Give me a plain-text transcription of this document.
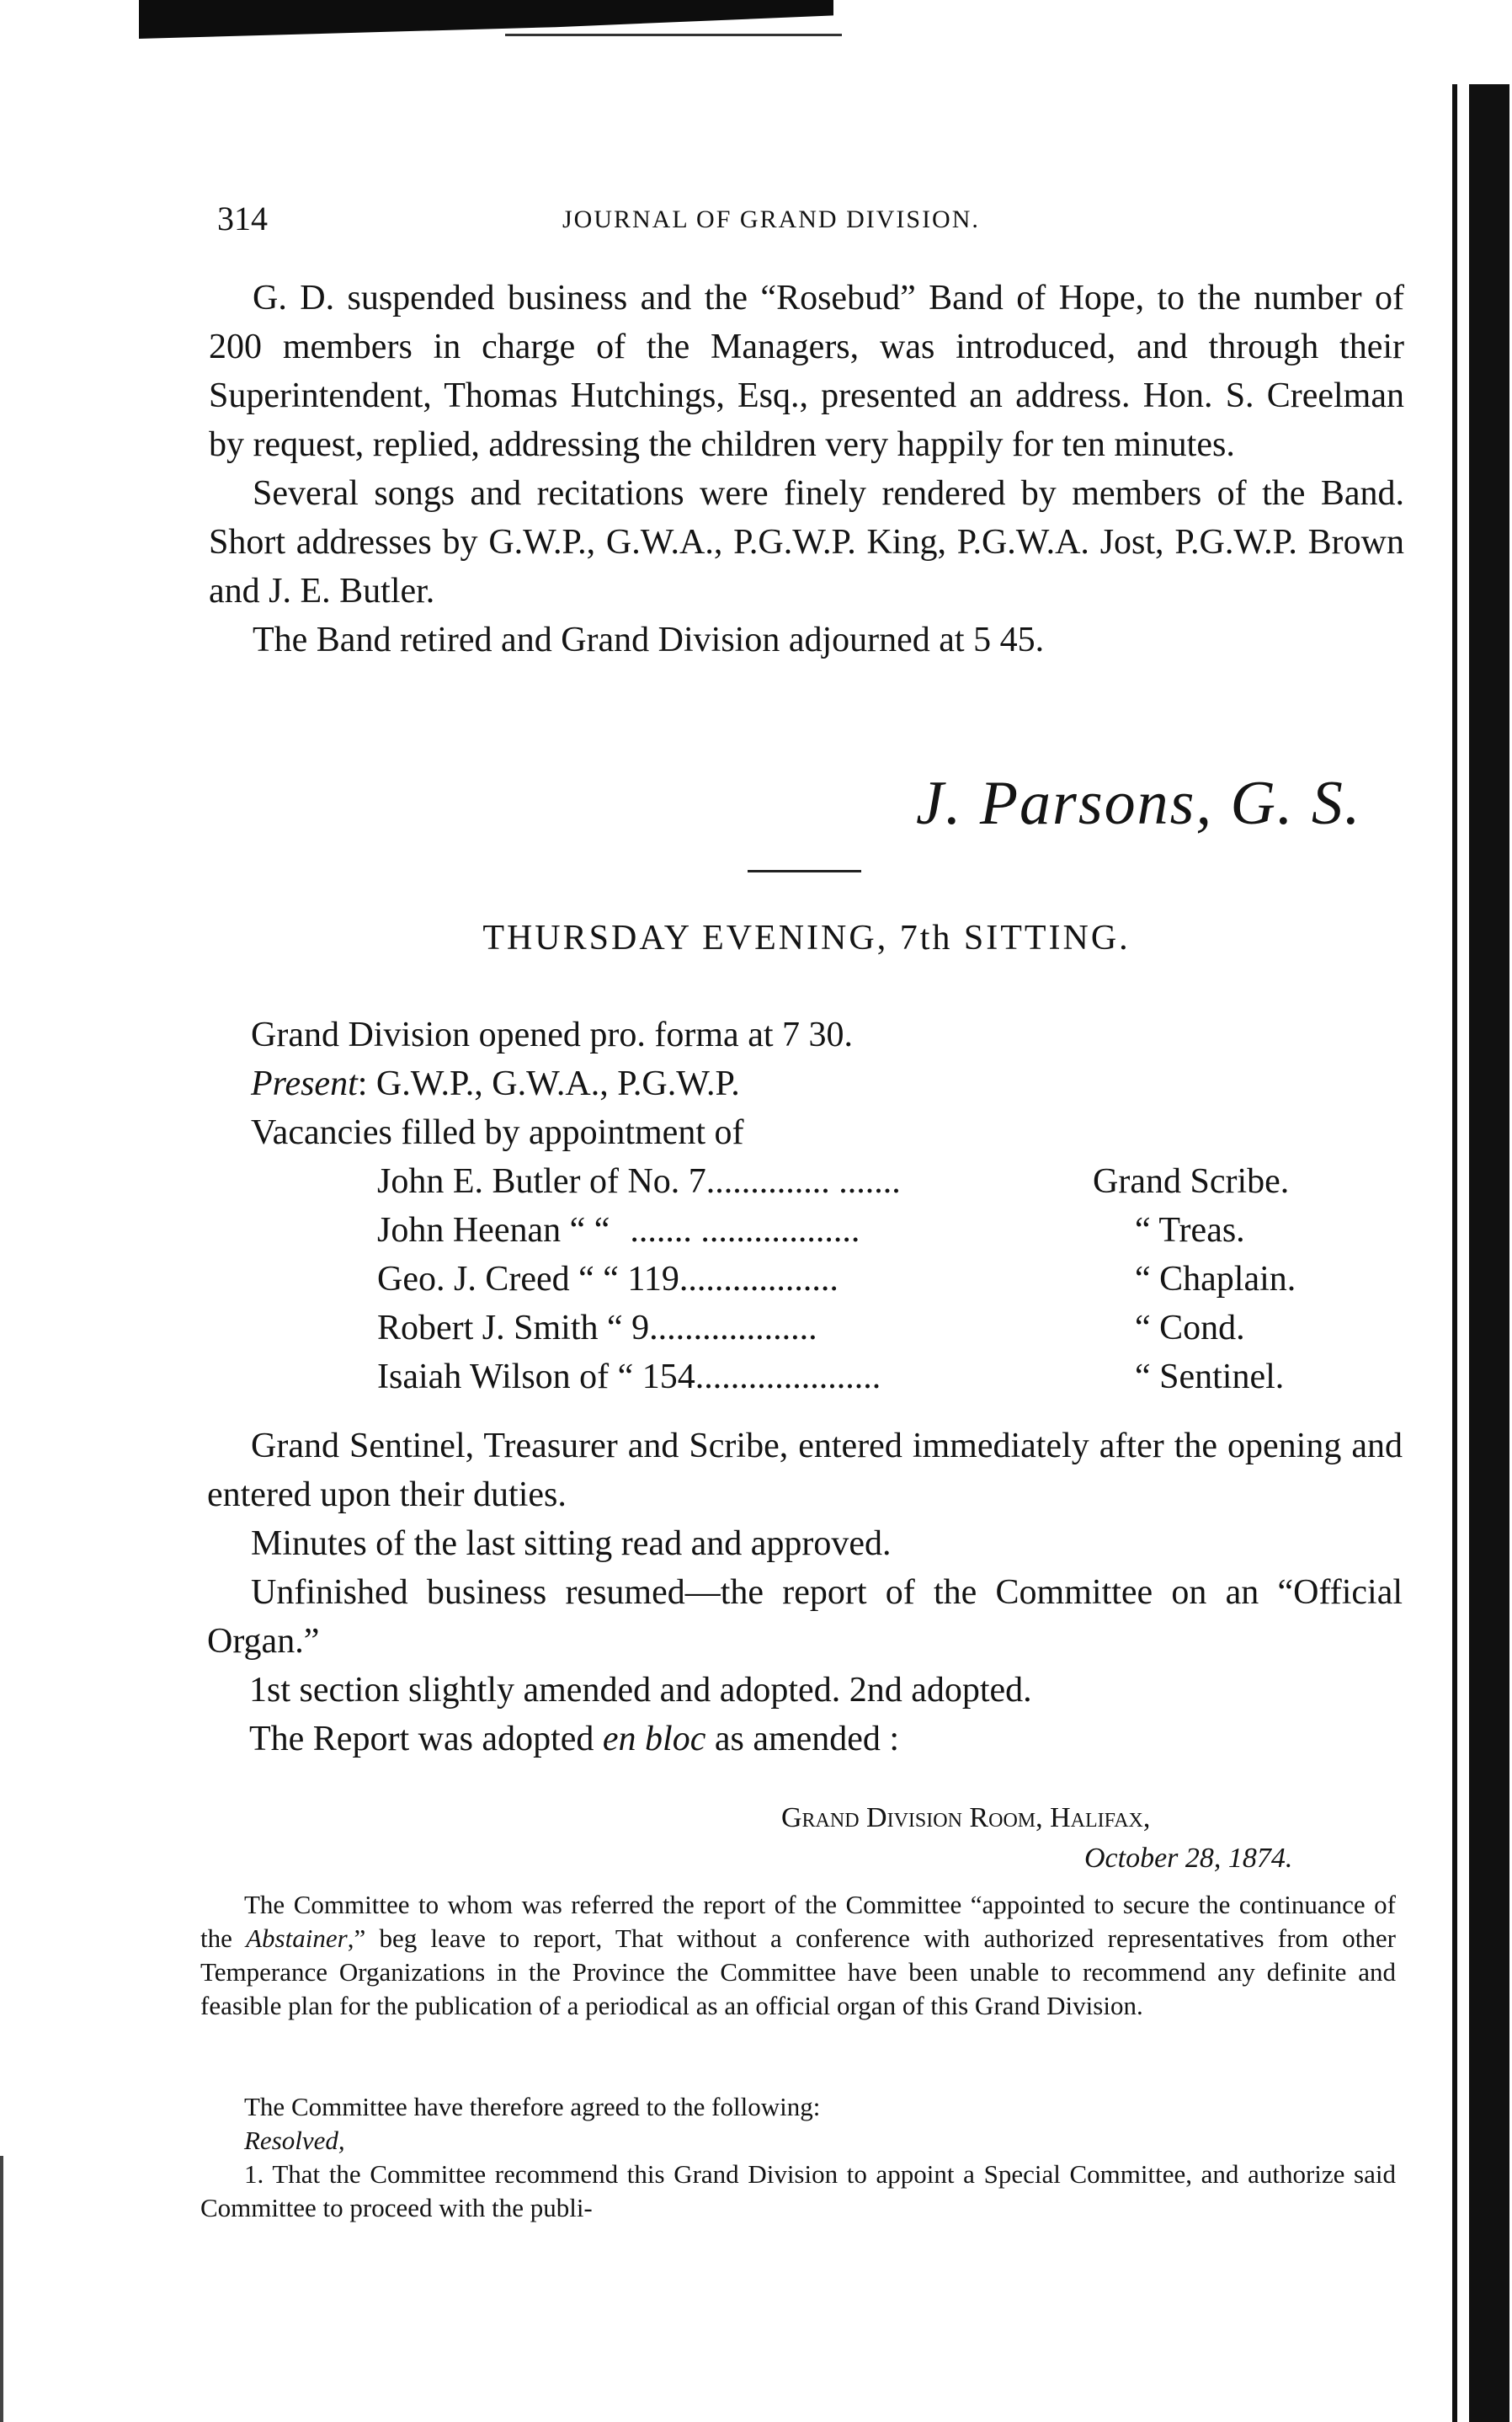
314	JOURNAL OF GRAND DIVISION.
G. D. suspended business and the “Rosebud” Band of Hope, to the number of 200 members in charge of the Managers, was introduced, and through their Superintendent, Thomas Hutchings, Esq., presented an address. Hon. S. Creelman by request, replied, addressing the children very happily for ten minutes.
Several songs and recitations were finely rendered by members of the Band. Short addresses by G.W.P., G.W.A., P.G.W.P. King, P.G.W.A. Jost, P.G.W.P. Brown and J. E. Butler.
The Band retired and Grand Division adjourned at 5 45.
J. Parsons, G. S.
THURSDAY EVENING, 7th SITTING.
Grand Division opened pro. forma at 7 30.
Present: G.W.P., G.W.A., P.G.W.P.
Vacancies filled by appointment of
John E. Butler of No. 7.............. .......	Grand Scribe.
John Heenan “ “ ....... ..................	“ Treas.
Geo. J. Creed “ “ 119..................	“ Chaplain.
Robert J. Smith “ 9...................	“ Cond.
Isaiah Wilson of “ 154.....................	“ Sentinel.
Grand Sentinel, Treasurer and Scribe, entered immediately after the opening and entered upon their duties.
Minutes of the last sitting read and approved.
Unfinished business resumed—the report of the Committee on an “Official Organ.”
1st section slightly amended and adopted. 2nd adopted.
The Report was adopted en bloc as amended :
Grand Division Room, Halifax,
October 28, 1874.
The Committee to whom was referred the report of the Committee “appointed to secure the continuance of the Abstainer,” beg leave to report, That without a conference with authorized representatives from other Temperance Organizations in the Province the Committee have been unable to recommend any definite and feasible plan for the publication of a periodical as an official organ of this Grand Division.
The Committee have therefore agreed to the following:
Resolved,
1. That the Committee recommend this Grand Division to appoint a Special Committee, and authorize said Committee to proceed with the publi-
